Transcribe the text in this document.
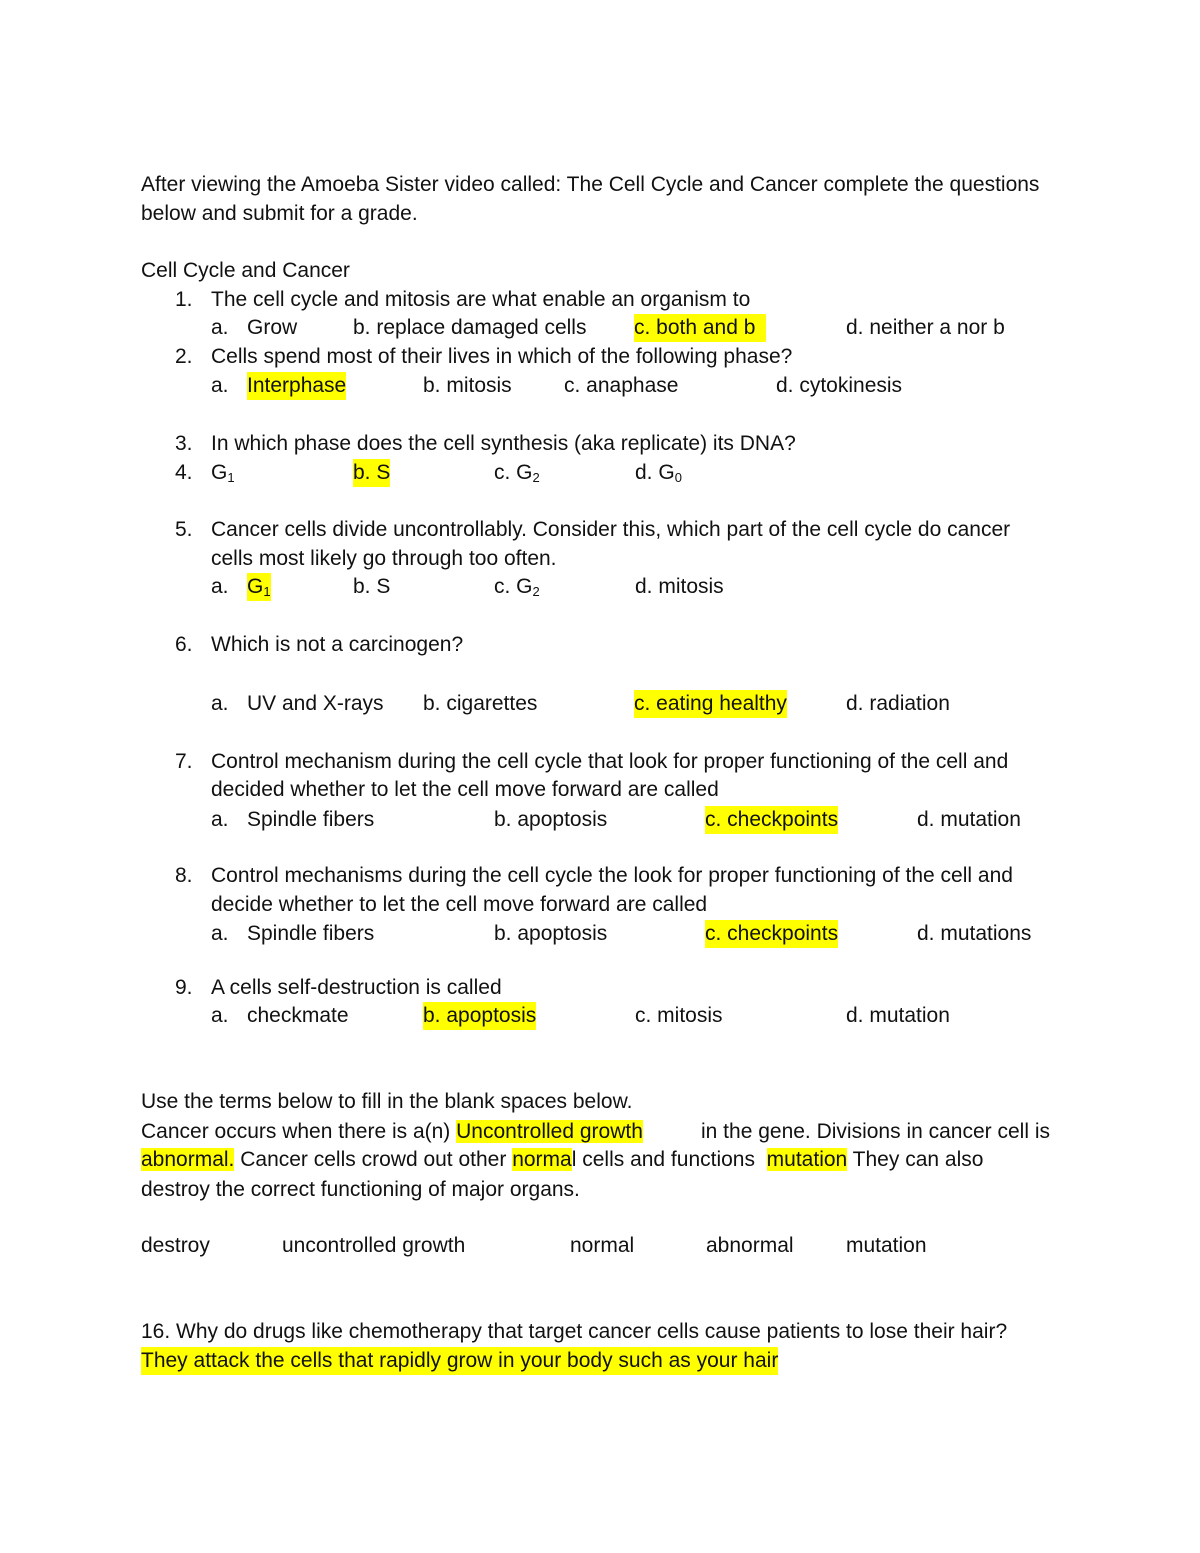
After viewing the Amoeba Sister video called: The Cell Cycle and Cancer complete the questions
below and submit for a grade.
Cell Cycle and Cancer
1. The cell cycle and mitosis are what enable an organism to
a. Grow	b. replace damaged cells c. both and b	d. neither a nor b
2. Cells spend most of their lives in which of the following phase?
a. Interphase	b. mitosis c. anaphase	d. cytokinesis
3. In which phase does the cell synthesis (aka replicate) its DNA?
4. $G_1$	b. S	c. $G_2$	d. $G_0$
5. Cancer cells divide uncontrollably. Consider this, which part of the cell cycle do cancer
cells most likely go through too often.
a. $G_1$	b. S	c. $G_2$	d. mitosis
6. Which is not a carcinogen?
a. UV and X-rays b. cigarettes	c. eating healthy	d. radiation
7. Control mechanism during the cell cycle that look for proper functioning of the cell and
decided whether to let the cell move forward are called
a. Spindle fibers	b. apoptosis	c. checkpoints	d. mutation
8. Control mechanisms during the cell cycle the look for proper functioning of the cell and
decide whether to let the cell move forward are called
a. Spindle fibers	b. apoptosis	c. checkpoints	d. mutations
9. A cells self-destruction is called
a. checkmate	b. apoptosis	c. mitosis	d. mutation
Use the terms below to fill in the blank spaces below.
Cancer occurs when there is a(n) Uncontrolled growth	in the gene. Divisions in cancer cell is
abnormal. Cancer cells crowd out other normal cells and functions  mutation They can also
destroy the correct functioning of major organs.
destroy	uncontrolled growth	normal	abnormal mutation
16. Why do drugs like chemotherapy that target cancer cells cause patients to lose their hair?
They attack the cells that rapidly grow in your body such as your hair
